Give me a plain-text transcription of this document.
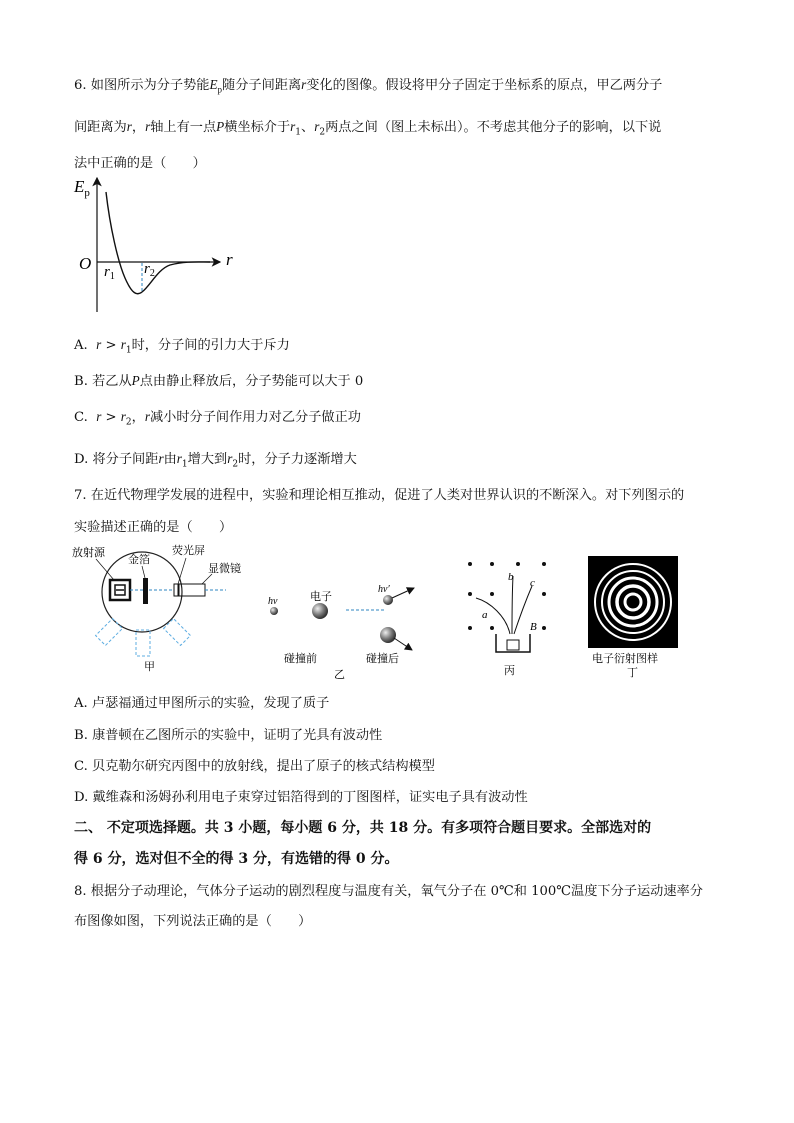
6. 如图所示为分子势能$E_p$随分子间距离r变化的图像。假设将甲分子固定于坐标系的原点，甲乙两分子
间距离为r，r轴上有一点P横坐标介于$r_1$、$r_2$两点之间（图上未标出）。不考虑其他分子的影响，以下说
法中正确的是（　　）
$E_p$
O	r
$r_1$ $r_2$
A. $r > r_1$时，分子间的引力大于斥力
B. 若乙从P点由静止释放后，分子势能可以大于 0
C. $r > r_2$，r减小时分子间作用力对乙分子做正功
D. 将分子间距r由$r_1$增大到$r_2$时，分子力逐渐增大
7. 在近代物理学发展的进程中，实验和理论相互推动，促进了人类对世界认识的不断深入。对下列图示的
实验描述正确的是（　　）
放射源
金箔
荧光屏
显微镜
甲
hv
hv′
电子
碰撞前	碰撞后
乙
a
b c
B
丙
电子衍射图样
丁
A. 卢瑟福通过甲图所示的实验，发现了质子
B. 康普顿在乙图所示的实验中，证明了光具有波动性
C. 贝克勒尔研究丙图中的放射线，提出了原子的核式结构模型
D. 戴维森和汤姆孙利用电子束穿过铝箔得到的丁图图样，证实电子具有波动性
二、 不定项选择题。共 3 小题，每小题 6 分，共 18 分。有多项符合题目要求。全部选对的
得 6 分，选对但不全的得 3 分，有选错的得 0 分。
8. 根据分子动理论，气体分子运动的剧烈程度与温度有关，氧气分子在 0℃和 100℃温度下分子运动速率分
布图像如图，下列说法正确的是（　　）
